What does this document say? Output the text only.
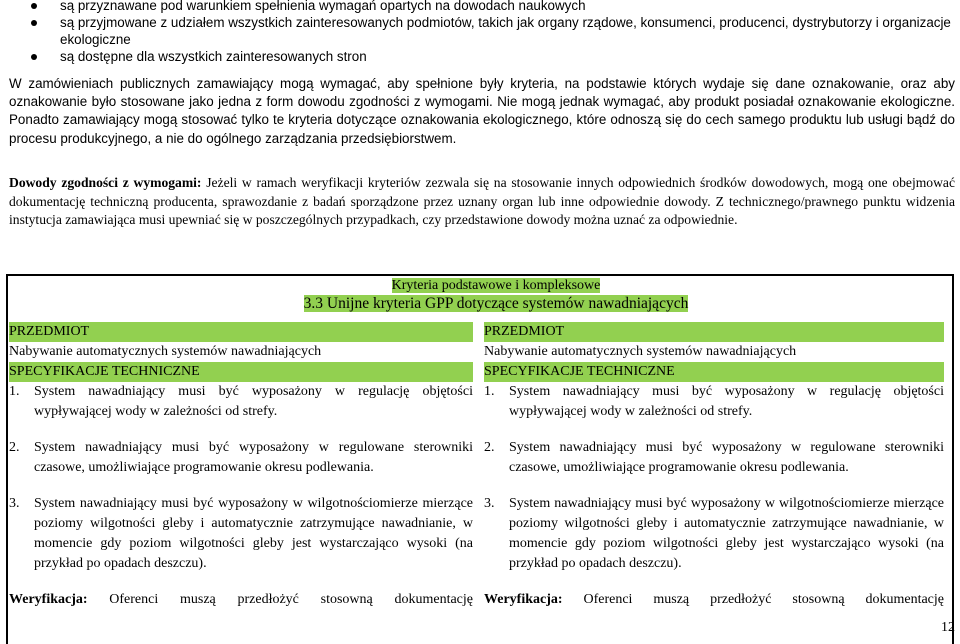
są przyznawane pod warunkiem spełnienia wymagań opartych na dowodach naukowych
są przyjmowane z udziałem wszystkich zainteresowanych podmiotów, takich jak organy rządowe, konsumenci, producenci, dystrybutorzy i organizacje ekologiczne
są dostępne dla wszystkich zainteresowanych stron

W zamówieniach publicznych zamawiający mogą wymagać, aby spełnione były kryteria, na podstawie których wydaje się dane oznakowanie, oraz aby oznakowanie było stosowane jako jedna z form dowodu zgodności z wymogami. Nie mogą jednak wymagać, aby produkt posiadał oznakowanie ekologiczne. Ponadto zamawiający mogą stosować tylko te kryteria dotyczące oznakowania ekologicznego, które odnoszą się do cech samego produktu lub usługi bądź do procesu produkcyjnego, a nie do ogólnego zarządzania przedsiębiorstwem.

Dowody zgodności z wymogami: Jeżeli w ramach weryfikacji kryteriów zezwala się na stosowanie innych odpowiednich środków dowodowych, mogą one obejmować dokumentację techniczną producenta, sprawozdanie z badań sporządzone przez uznany organ lub inne odpowiednie dowody. Z technicznego/prawnego punktu widzenia instytucja zamawiająca musi upewniać się w poszczególnych przypadkach, czy przedstawione dowody można uznać za odpowiednie.

Kryteria podstawowe i kompleksowe
3.3 Unijne kryteria GPP dotyczące systemów nawadniających
PRZEDMIOT
Nabywanie automatycznych systemów nawadniających
SPECYFIKACJE TECHNICZNE
1.	System nawadniający musi być wyposażony w regulację objętości wypływającej wody w zależności od strefy.
2.	System nawadniający musi być wyposażony w regulowane sterowniki czasowe, umożliwiające programowanie okresu podlewania.
3.	System nawadniający musi być wyposażony w wilgotnościomierze mierzące poziomy wilgotności gleby i automatycznie zatrzymujące nawadnianie, w momencie gdy poziom wilgotności gleby jest wystarczająco wysoki (na przykład po opadach deszczu).
Weryfikacja: Oferenci muszą przedłożyć stosowną dokumentację
PRZEDMIOT
Nabywanie automatycznych systemów nawadniających
SPECYFIKACJE TECHNICZNE
1.	System nawadniający musi być wyposażony w regulację objętości wypływającej wody w zależności od strefy.
2.	System nawadniający musi być wyposażony w regulowane sterowniki czasowe, umożliwiające programowanie okresu podlewania.
3.	System nawadniający musi być wyposażony w wilgotnościomierze mierzące poziomy wilgotności gleby i automatycznie zatrzymujące nawadnianie, w momencie gdy poziom wilgotności gleby jest wystarczająco wysoki (na przykład po opadach deszczu).
Weryfikacja: Oferenci muszą przedłożyć stosowną dokumentację
12
